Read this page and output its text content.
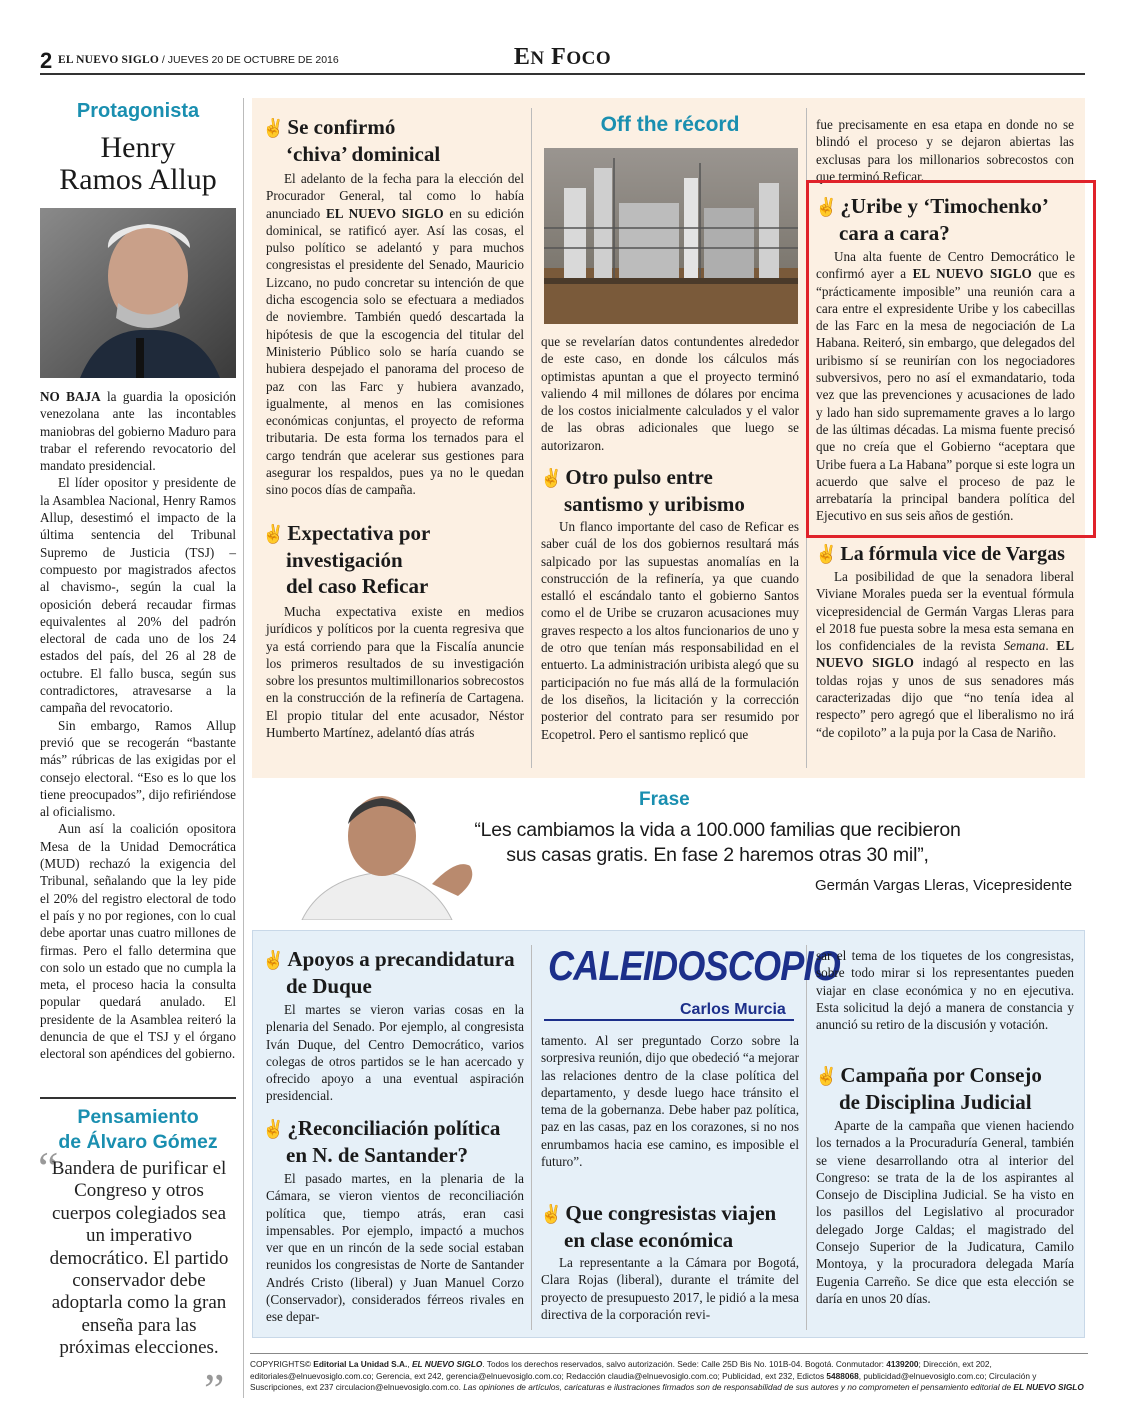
2 EL NUEVO SIGLO / JUEVES 20 DE OCTUBRE DE 2016	EN FOCO
Protagonista
Henry
Ramos Allup

NO BAJA la guardia la oposición venezolana ante las incontables maniobras del gobierno Maduro para trabar el referendo revocatorio del mandato presidencial.

El líder opositor y presidente de la Asamblea Nacional, Henry Ramos Allup, desestimó el impacto de la última sentencia del Tribunal Supremo de Justicia (TSJ) –compuesto por magistrados afectos al chavismo-, según la cual la oposición deberá recaudar firmas equivalentes al 20% del padrón electoral de cada uno de los 24 estados del país, del 26 al 28 de octubre. El fallo busca, según sus contradictores, atravesarse a la campaña del revocatorio.

Sin embargo, Ramos Allup previó que se recogerán “bastante más” rúbricas de las exigidas por el consejo electoral. “Eso es lo que los tiene preocupados”, dijo refiriéndose al oficialismo.

Aun así la coalición opositora Mesa de la Unidad Democrática (MUD) rechazó la exigencia del Tribunal, señalando que la ley pide el 20% del registro electoral de todo el país y no por regiones, con lo cual debe aportar unas cuatro millones de firmas. Pero el fallo determina que con solo un estado que no cumpla la meta, el proceso hacia la consulta popular quedará anulado. El presidente de la Asamblea reiteró la denuncia de que el TSJ y el órgano electoral son apéndices del gobierno.

Pensamiento
de Álvaro Gómez
“
Bandera de purificar el Congreso y otros cuerpos colegiados sea un imperativo democrático. El partido conservador debe adoptarla como la gran enseña para las próximas elecciones.
”
✌ Se confirmó
‘chiva’ dominical

El adelanto de la fecha para la elección del Procurador General, tal como lo había anunciado EL NUEVO SIGLO en su edición dominical, se ratificó ayer. Así las cosas, el pulso político se adelantó y para muchos congresistas el presidente del Senado, Mauricio Lizcano, no pudo concretar su intención de que dicha escogencia solo se efectuara a mediados de noviembre. También quedó descartada la hipótesis de que la escogencia del titular del Ministerio Público solo se haría cuando se hubiera despejado el panorama del proceso de paz con las Farc y hubiera avanzado, igualmente, al menos en las comisiones económicas conjuntas, el proyecto de reforma tributaria. De esta forma los ternados para el cargo tendrán que acelerar sus gestiones para asegurar los respaldos, pues ya no le quedan sino pocos días de campaña.

✌ Expectativa por
investigación
del caso Reficar

Mucha expectativa existe en medios jurídicos y políticos por la cuenta regresiva que ya está corriendo para que la Fiscalía anuncie los primeros resultados de su investigación sobre los presuntos multimillonarios sobrecostos en la construcción de la refinería de Cartagena. El propio titular del ente acusador, Néstor Humberto Martínez, adelantó días atrás

Off the récord

que se revelarían datos contundentes alrededor de este caso, en donde los cálculos más optimistas apuntan a que el proyecto terminó valiendo 4 mil millones de dólares por encima de los costos inicialmente calculados y el valor de las obras adicionales que luego se autorizaron.

✌ Otro pulso entre
santismo y uribismo

Un flanco importante del caso de Reficar es saber cuál de los dos gobiernos resultará más salpicado por las supuestas anomalías en la construcción de la refinería, ya que cuando estalló el escándalo tanto el gobierno Santos como el de Uribe se cruzaron acusaciones muy graves respecto a los altos funcionarios de uno y de otro que tenían más responsabilidad en el entuerto. La administración uribista alegó que su participación no fue más allá de la formulación de los diseños, la licitación y la corrección posterior del contrato para ser resumido por Ecopetrol. Pero el santismo replicó que

fue precisamente en esa etapa en donde no se blindó el proceso y se dejaron abiertas las exclusas para los millonarios sobrecostos con que terminó Reficar.

✌ ¿Uribe y ‘Timochenko’
cara a cara?

Una alta fuente de Centro Democrático le confirmó ayer a EL NUEVO SIGLO que es “prácticamente imposible” una reunión cara a cara entre el expresidente Uribe y los cabecillas de las Farc en la mesa de negociación de La Habana. Reiteró, sin embargo, que delegados del uribismo sí se reunirían con los negociadores subversivos, pero no así el exmandatario, toda vez que las prevenciones y acusaciones de lado y lado han sido supremamente graves a lo largo de las últimas décadas. La misma fuente precisó que no creía que el Gobierno “aceptara que Uribe fuera a La Habana” porque si este logra un acuerdo que salve el proceso de paz le arrebataría la principal bandera política del Ejecutivo en sus seis años de gestión.

✌ La fórmula vice de Vargas

La posibilidad de que la senadora liberal Viviane Morales pueda ser la eventual fórmula vicepresidencial de Germán Vargas Lleras para el 2018 fue puesta sobre la mesa esta semana en los confidenciales de la revista Semana. EL NUEVO SIGLO indagó al respecto en las toldas rojas y unos de sus senadores más caracterizadas dijo que “no tenía idea al respecto” pero agregó que el liberalismo no irá “de copiloto” a la puja por la Casa de Nariño.

Frase
“Les cambiamos la vida a 100.000 familias que recibieron
sus casas gratis. En fase 2 haremos otras 30 mil”,
Germán Vargas Lleras, Vicepresidente
CALEIDOSCOPIO
Carlos Murcia
✌ Apoyos a precandidatura
de Duque

El martes se vieron varias cosas en la plenaria del Senado. Por ejemplo, al congresista Iván Duque, del Centro Democrático, varios colegas de otros partidos se le han acercado y ofrecido apoyo a una eventual aspiración presidencial.

✌ ¿Reconciliación política
en N. de Santander?

El pasado martes, en la plenaria de la Cámara, se vieron vientos de reconciliación política que, tiempo atrás, eran casi impensables. Por ejemplo, impactó a muchos ver que en un rincón de la sede social estaban reunidos los congresistas de Norte de Santander Andrés Cristo (liberal) y Juan Manuel Corzo (Conservador), considerados férreos rivales en ese depar-

tamento. Al ser preguntado Corzo sobre la sorpresiva reunión, dijo que obedeció “a mejorar las relaciones dentro de la clase política del departamento, y desde luego hace tránsito el tema de la gobernanza. Debe haber paz política, paz en las casas, paz en los corazones, si no nos enrumbamos hacia ese camino, es imposible el futuro”.

✌ Que congresistas viajen
en clase económica

La representante a la Cámara por Bogotá, Clara Rojas (liberal), durante el trámite del proyecto de presupuesto 2017, le pidió a la mesa directiva de la corporación revi-

sar el tema de los tiquetes de los congresistas, sobre todo mirar si los representantes pueden viajar en clase económica y no en ejecutiva. Esta solicitud la dejó a manera de constancia y anunció su retiro de la discusión y votación.

✌ Campaña por Consejo
de Disciplina Judicial

Aparte de la campaña que vienen haciendo los ternados a la Procuraduría General, también se viene desarrollando otra al interior del Congreso: se trata de la de los aspirantes al Consejo de Disciplina Judicial. Se ha visto en los pasillos del Legislativo al procurador delegado Jorge Caldas; el magistrado del Consejo Superior de la Judicatura, Camilo Montoya, y la procuradora delegada María Eugenia Carreño. Se dice que esta elección se daría en unos 20 días.

COPYRIGHTS© Editorial La Unidad S.A., EL NUEVO SIGLO. Todos los derechos reservados, salvo autorización. Sede: Calle 25D Bis No. 101B-04. Bogotá. Conmutador: 4139200; Dirección, ext 202, editoriales@elnuevosiglo.com.co; Gerencia, ext 242, gerencia@elnuevosiglo.com.co; Redacción claudia@elnuevosiglo.com.co; Publicidad, ext 232, Edictos 5488068, publicidad@elnuevosiglo.com.co; Circulación y Suscripciones, ext 237 circulacion@elnuevosiglo.com.co. Las opiniones de artículos, caricaturas e ilustraciones firmados son de responsabilidad de sus autores y no comprometen el pensamiento editorial de EL NUEVO SIGLO
